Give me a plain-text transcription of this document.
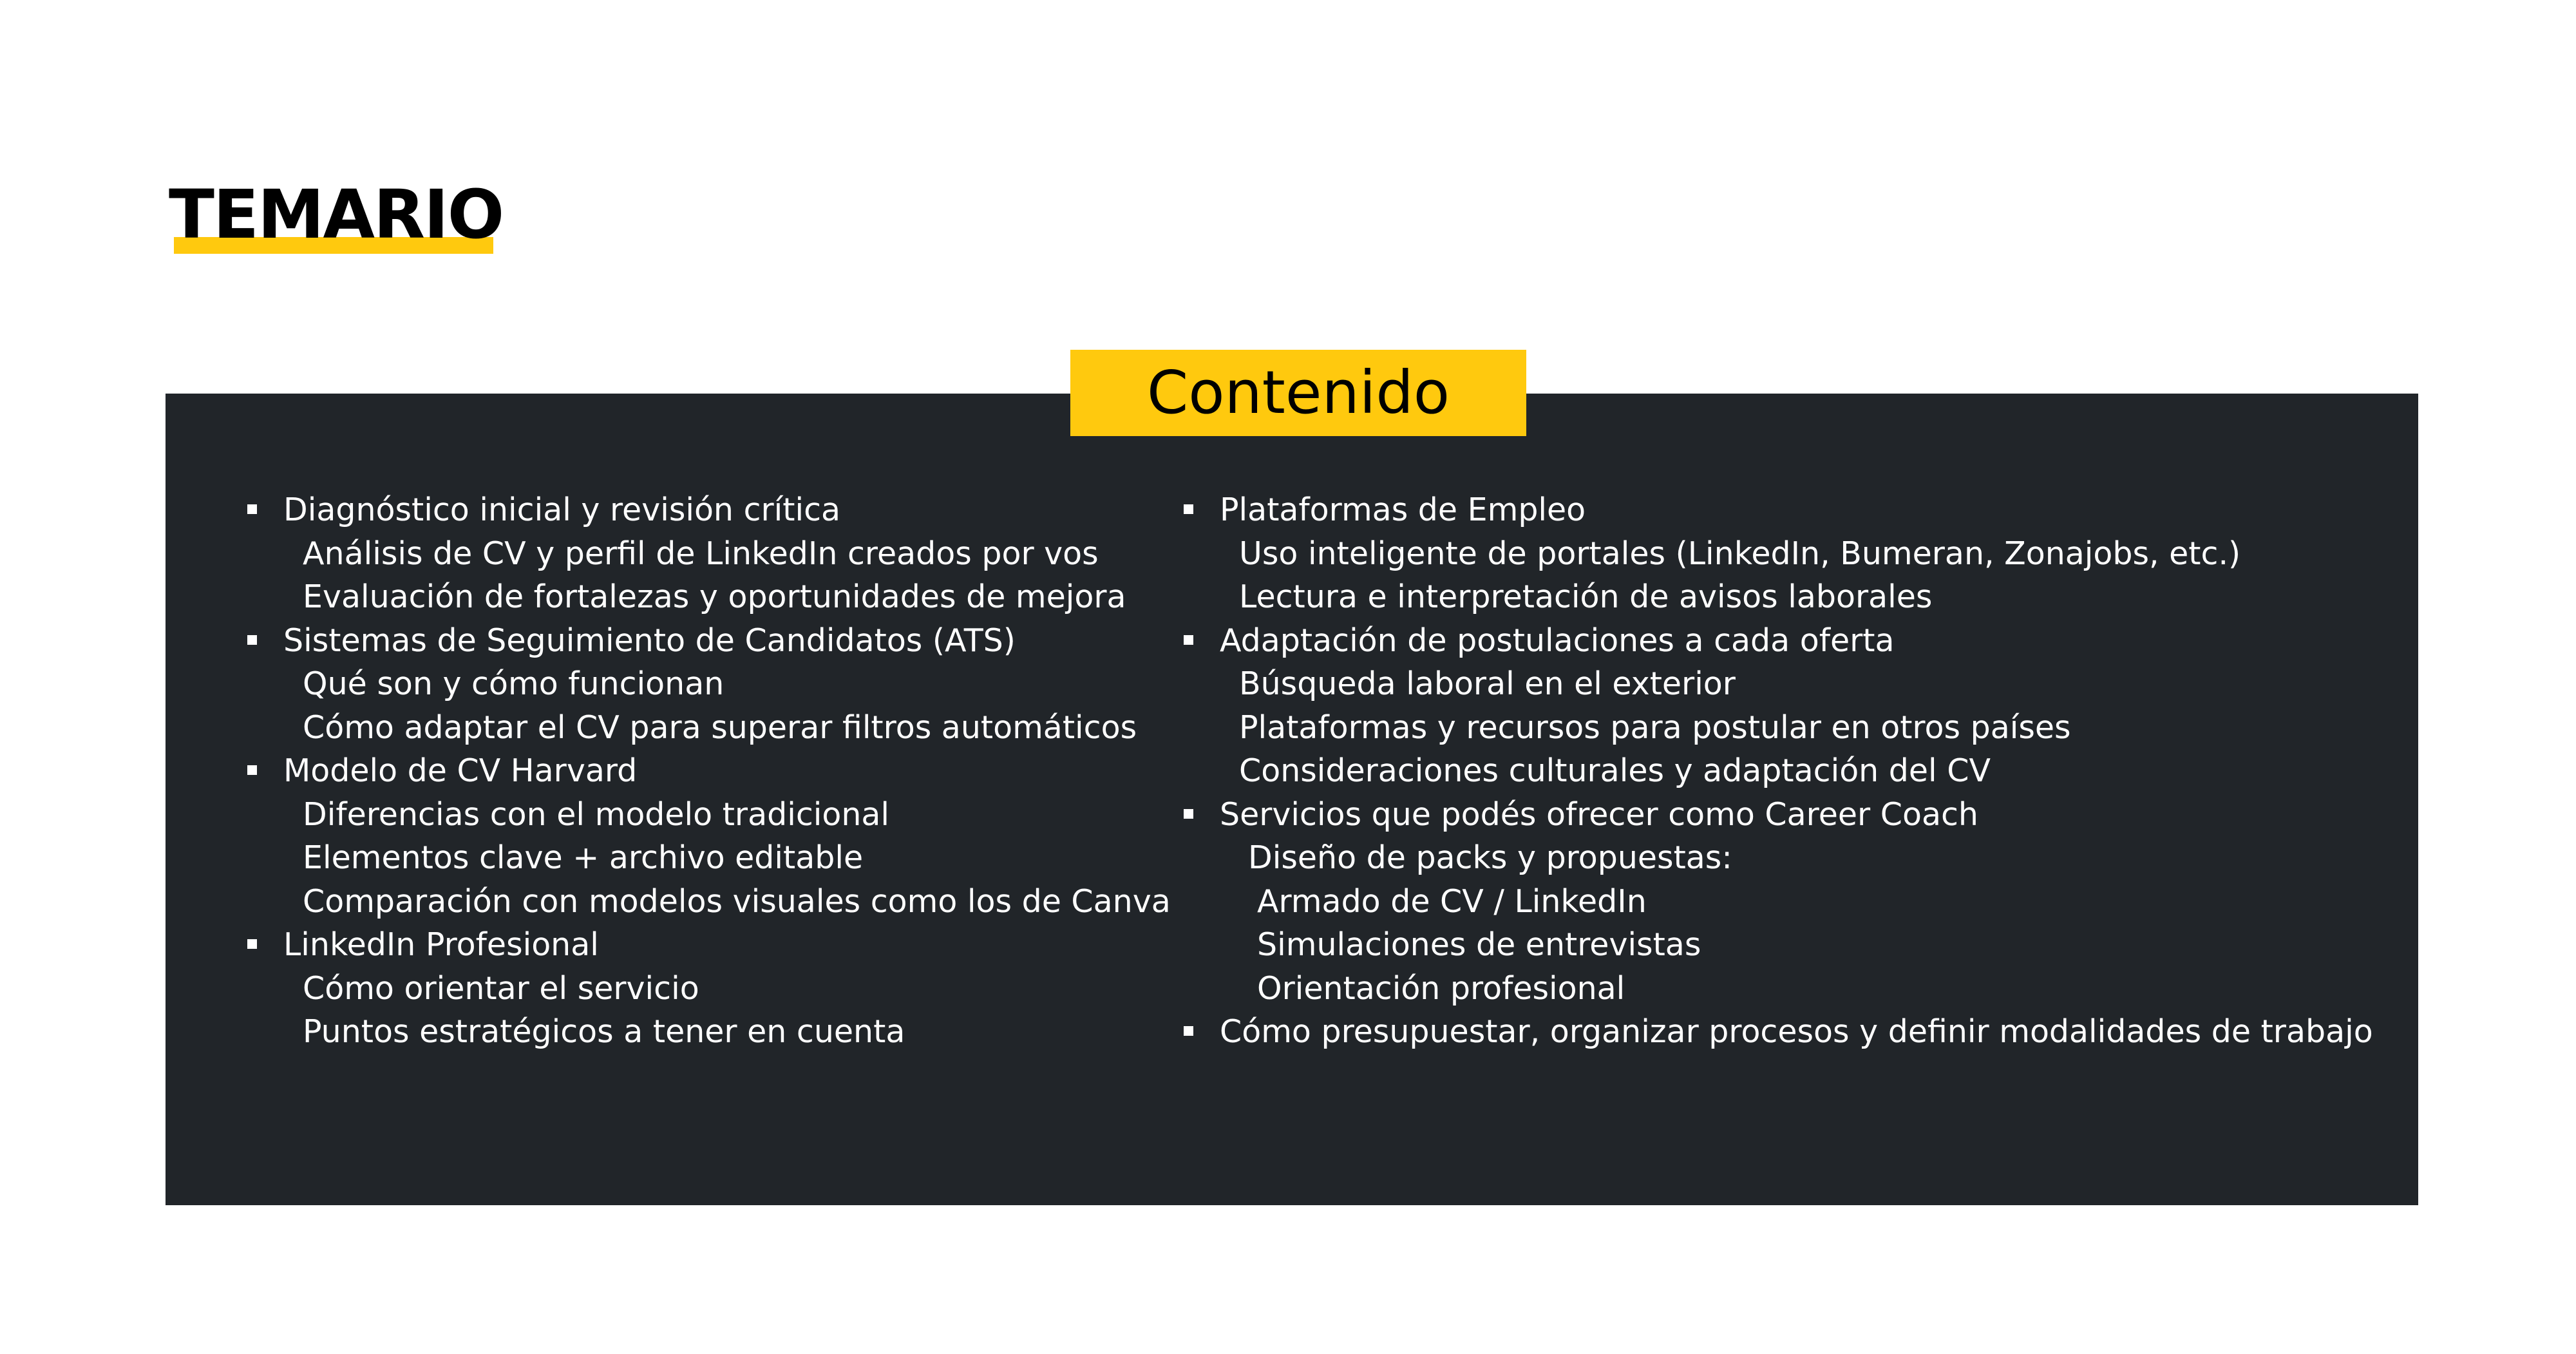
TEMARIO
Contenido
Diagnóstico inicial y revisión crítica
Análisis de CV y perfil de LinkedIn creados por vos
Evaluación de fortalezas y oportunidades de mejora
Sistemas de Seguimiento de Candidatos (ATS)
Qué son y cómo funcionan
Cómo adaptar el CV para superar filtros automáticos
Modelo de CV Harvard
Diferencias con el modelo tradicional
Elementos clave + archivo editable
Comparación con modelos visuales como los de Canva
LinkedIn Profesional
Cómo orientar el servicio
Puntos estratégicos a tener en cuenta
Plataformas de Empleo
Uso inteligente de portales (LinkedIn, Bumeran, Zonajobs, etc.)
Lectura e interpretación de avisos laborales
Adaptación de postulaciones a cada oferta
Búsqueda laboral en el exterior
Plataformas y recursos para postular en otros países
Consideraciones culturales y adaptación del CV
Servicios que podés ofrecer como Career Coach
Diseño de packs y propuestas:
Armado de CV / LinkedIn
Simulaciones de entrevistas
Orientación profesional
Cómo presupuestar, organizar procesos y definir modalidades de trabajo
